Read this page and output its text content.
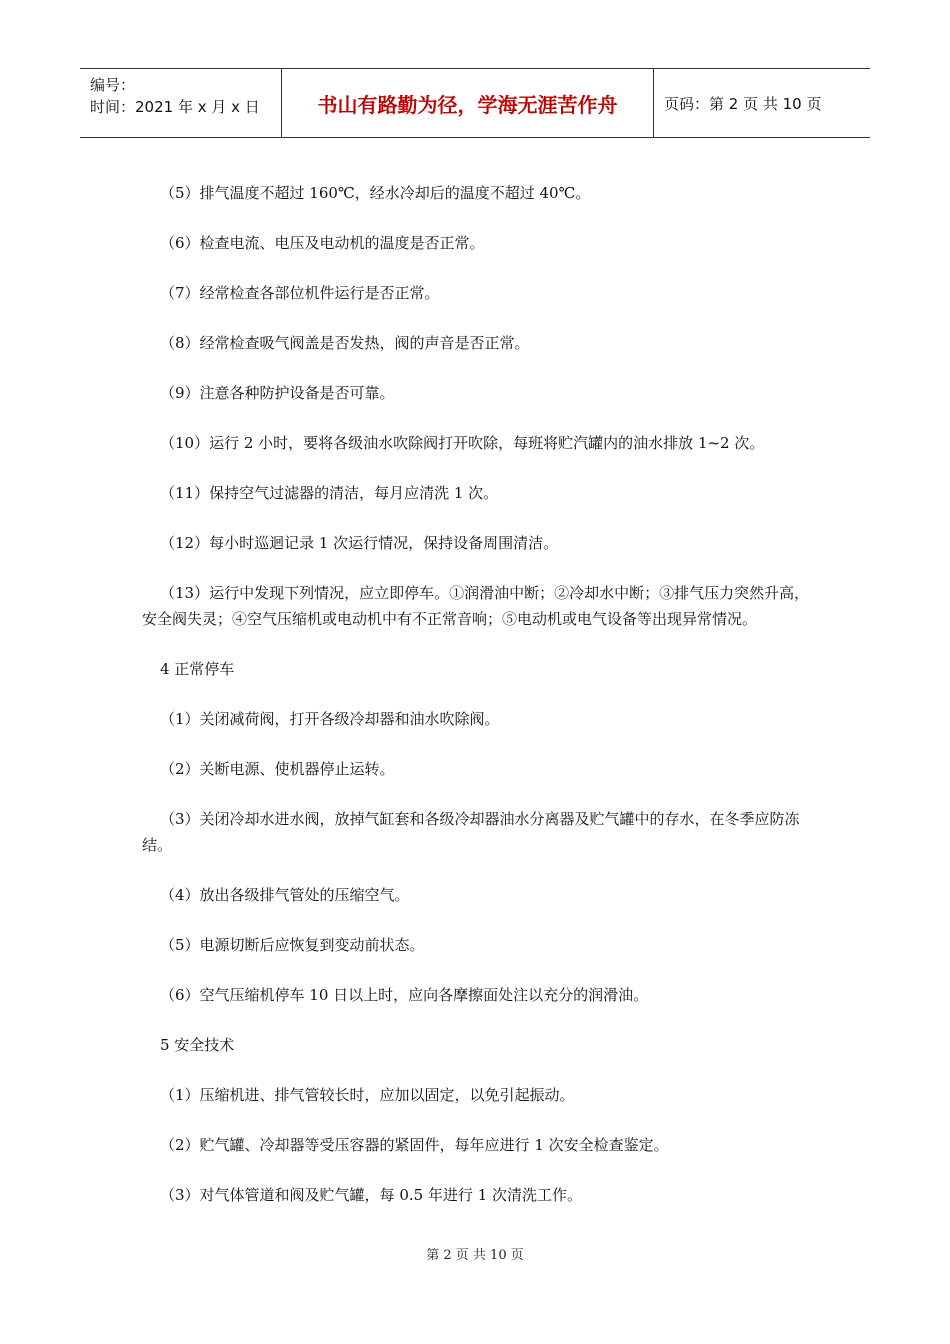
编号：
时间：2021 年 x 月 x 日	书山有路勤为径，学海无涯苦作舟	页码：第 2 页 共 10 页

（5）排气温度不超过 160℃，经水冷却后的温度不超过 40℃。

（6）检查电流、电压及电动机的温度是否正常。

（7）经常检查各部位机件运行是否正常。

（8）经常检查吸气阀盖是否发热，阀的声音是否正常。

（9）注意各种防护设备是否可靠。

（10）运行 2 小时，要将各级油水吹除阀打开吹除，每班将贮汽罐内的油水排放 1~2 次。

（11）保持空气过滤器的清洁，每月应清洗 1 次。

（12）每小时巡迴记录 1 次运行情况，保持设备周围清洁。

（13）运行中发现下列情况，应立即停车。①润滑油中断；②冷却水中断；③排气压力突然升高，安全阀失灵；④空气压缩机或电动机中有不正常音响；⑤电动机或电气设备等出现异常情况。

4 正常停车

（1）关闭减荷阀，打开各级冷却器和油水吹除阀。

（2）关断电源、使机器停止运转。

（3）关闭冷却水进水阀，放掉气缸套和各级冷却器油水分离器及贮气罐中的存水，在冬季应防冻结。

（4）放出各级排气管处的压缩空气。

（5）电源切断后应恢复到变动前状态。

（6）空气压缩机停车 10 日以上时，应向各摩擦面处注以充分的润滑油。

5 安全技术

（1）压缩机进、排气管较长时，应加以固定，以免引起振动。

（2）贮气罐、冷却器等受压容器的紧固件，每年应进行 1 次安全检查鉴定。

（3）对气体管道和阀及贮气罐，每 0.5 年进行 1 次清洗工作。

第 2 页 共 10 页
